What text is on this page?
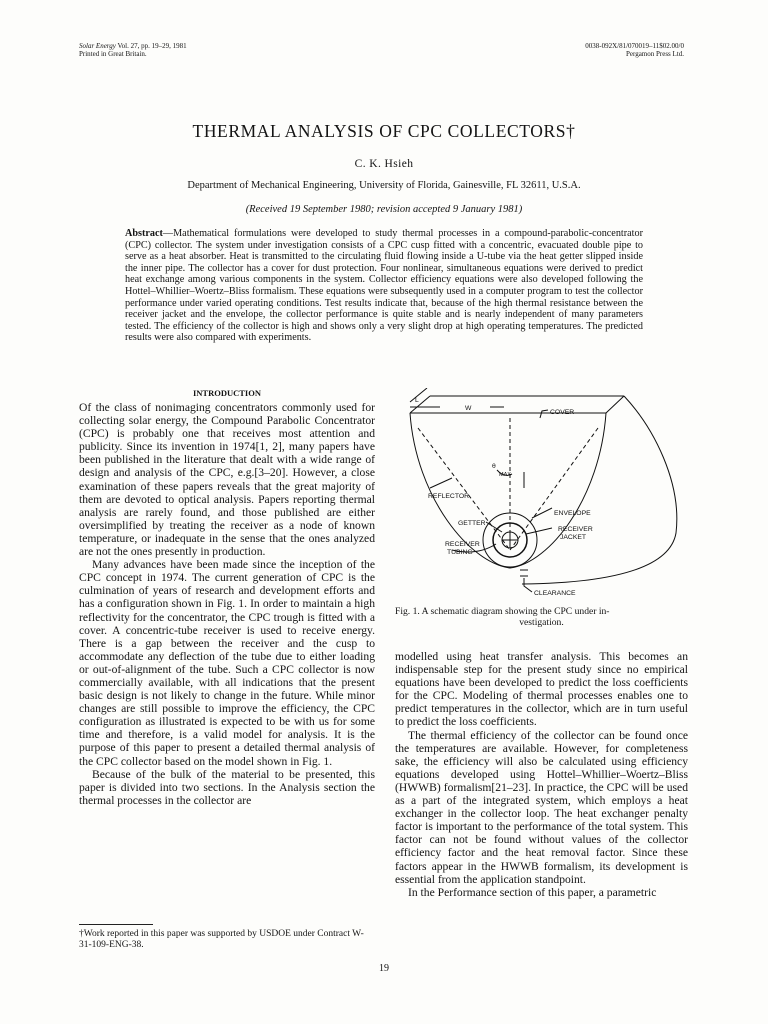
Solar Energy Vol. 27, pp. 19–29, 1981
Printed in Great Britain.
0038-092X/81/070019–11$02.00/0
Pergamon Press Ltd.
THERMAL ANALYSIS OF CPC COLLECTORS†
C. K. Hsieh
Department of Mechanical Engineering, University of Florida, Gainesville, FL 32611, U.S.A.
(Received 19 September 1980; revision accepted 9 January 1981)
Abstract—Mathematical formulations were developed to study thermal processes in a compound-parabolic-concentrator (CPC) collector. The system under investigation consists of a CPC cusp fitted with a concentric, evacuated double pipe to serve as a heat absorber. Heat is transmitted to the circulating fluid flowing inside a U-tube via the heat getter slipped inside the inner pipe. The collector has a cover for dust protection. Four nonlinear, simultaneous equations were derived to predict heat exchange among various components in the system. Collector efficiency equations were also developed following the Hottel–Whillier–Woertz–Bliss formalism. These equations were subsequently used in a computer program to test the collector performance under varied operating conditions. Test results indicate that, because of the high thermal resistance between the receiver jacket and the envelope, the collector performance is quite stable and is nearly independent of many parameters tested. The efficiency of the collector is high and shows only a very slight drop at high operating temperatures. The predicted results were also compared with experiments.
INTRODUCTION

Of the class of nonimaging concentrators commonly used for collecting solar energy, the Compound Parabolic Concentrator (CPC) is probably one that receives most attention and publicity. Since its invention in 1974[1, 2], many papers have been published in the literature that dealt with a wide range of design and analysis of the CPC, e.g.[3–20]. However, a close examination of these papers reveals that the great majority of them are devoted to optical analysis. Papers reporting thermal analysis are rarely found, and those published are either oversimplified by treating the receiver as a node of known temperature, or inadequate in the sense that the ones analyzed are not the ones presently in production.

Many advances have been made since the inception of the CPC concept in 1974. The current generation of CPC is the culmination of years of research and development efforts and has a configuration shown in Fig. 1. In order to maintain a high reflectivity for the concentrator, the CPC trough is fitted with a cover. A concentric-tube receiver is used to receive energy. There is a gap between the receiver and the cusp to accommodate any deflection of the tube due to either loading or out-of-alignment of the tube. Such a CPC collector is now commercially available, with all indications that the present basic design is not likely to change in the future. While minor changes are still possible to improve the efficiency, the CPC configuration as illustrated is expected to be with us for some time and therefore, is a valid model for analysis. It is the purpose of this paper to present a detailed thermal analysis of the CPC collector based on the model shown in Fig. 1.

Because of the bulk of the material to be presented, this paper is divided into two sections. In the Analysis section the thermal processes in the collector are

L
W
COVER
θ
MAX
REFLECTOR
ENVELOPE
GETTER
RECEIVER
JACKET
RECEIVER
TUBING
CLEARANCE
Fig. 1. A schematic diagram showing the CPC under in-
vestigation.

modelled using heat transfer analysis. This becomes an indispensable step for the present study since no empirical equations have been developed to predict the loss coefficients for the CPC. Modeling of thermal processes enables one to predict temperatures in the collector, which are in turn useful to predict the loss coefficients.

The thermal efficiency of the collector can be found once the temperatures are available. However, for completeness sake, the efficiency will also be calculated using efficiency equations developed using Hottel–Whillier–Woertz–Bliss (HWWB) formalism[21–23]. In practice, the CPC will be used as a part of the integrated system, which employs a heat exchanger in the collector loop. The heat exchanger penalty factor is important to the performance of the total system. This factor can not be found without values of the collector efficiency factor and the heat removal factor. Since these factors appear in the HWWB formalism, its development is essential from the application standpoint.

In the Performance section of this paper, a parametric

†Work reported in this paper was supported by USDOE under Contract W-31-109-ENG-38.
19
